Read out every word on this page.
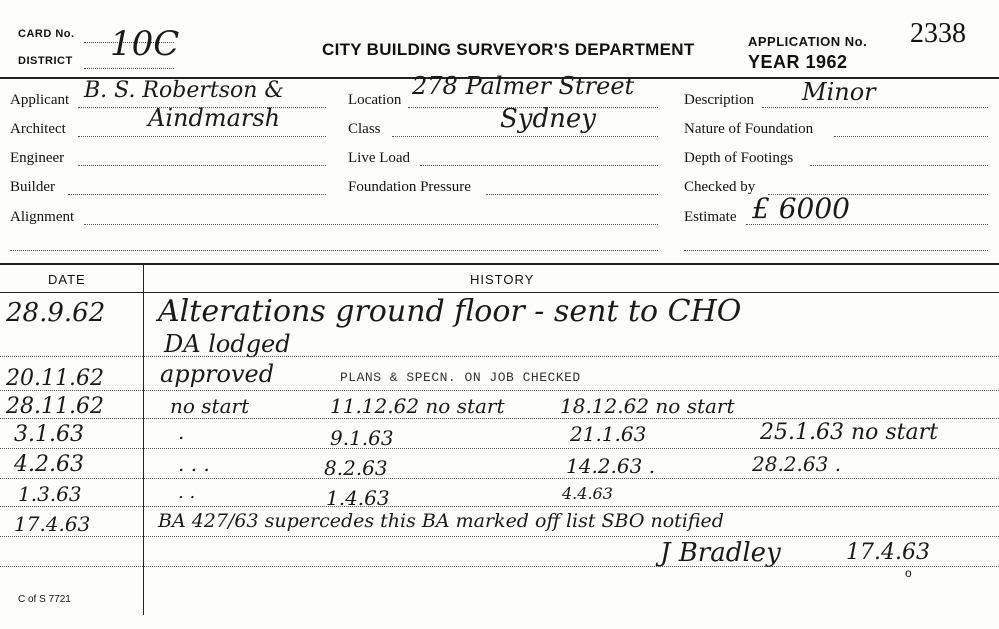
CARD No.
DISTRICT 10C	CITY BUILDING SURVEYOR'S DEPARTMENT	APPLICATION No. 2338
YEAR 1962
Applicant B. S. Robertson &
Architect	Aindmarsh
Engineer
Builder
Alignment
Location 278 Palmer Street
Class	Sydney
Live Load
Foundation Pressure
Description Minor
Nature of Foundation
Depth of Footings
Checked by
Estimate £ 6000
DATE	HISTORY
28.9.62 Alterations ground floor - sent to CHO
DA lodged
20.11.62 approved	PLANS & SPECN. ON JOB CHECKED
28.11.62	no start	11.12.62 no start	18.12.62 no start
3.1.63	.	9.1.63	21.1.63	25.1.63 no start
4.2.63	. . .	8.2.63	14.2.63 .	28.2.63 .
1.3.63	. .	1.4.63	4.4.63
17.4.63	BA 427/63 supercedes this BA marked off list SBO notified
J Bradley	17.4.63
C of S 7721
o
